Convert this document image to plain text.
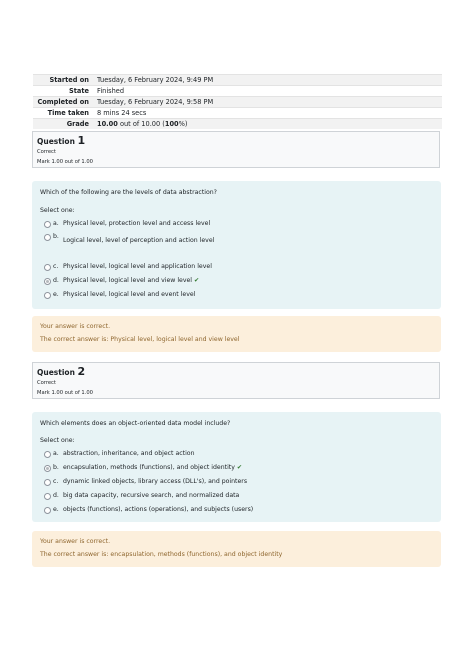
Started on	Tuesday, 6 February 2024, 9:49 PM
State	Finished
Completed on	Tuesday, 6 February 2024, 9:58 PM
Time taken	8 mins 24 secs
Grade	10.00 out of 10.00 (100%)
Question 1
Correct
Mark 1.00 out of 1.00
Which of the following are the levels of data abstraction?
Select one:
a. Physical level, protection level and access level
b.
Logical level, level of perception and action level
c. Physical level, logical level and application level
d. Physical level, logical level and view level ✔
e. Physical level, logical level and event level
Your answer is correct.
The correct answer is: Physical level, logical level and view level
Question 2
Correct
Mark 1.00 out of 1.00
Which elements does an object-oriented data model include?
Select one:
a. abstraction, inheritance, and object action
b. encapsulation, methods (functions), and object identity ✔
c. dynamic linked objects, library access (DLL's), and pointers
d. big data capacity, recursive search, and normalized data
e. objects (functions), actions (operations), and subjects (users)
Your answer is correct.
The correct answer is: encapsulation, methods (functions), and object identity
